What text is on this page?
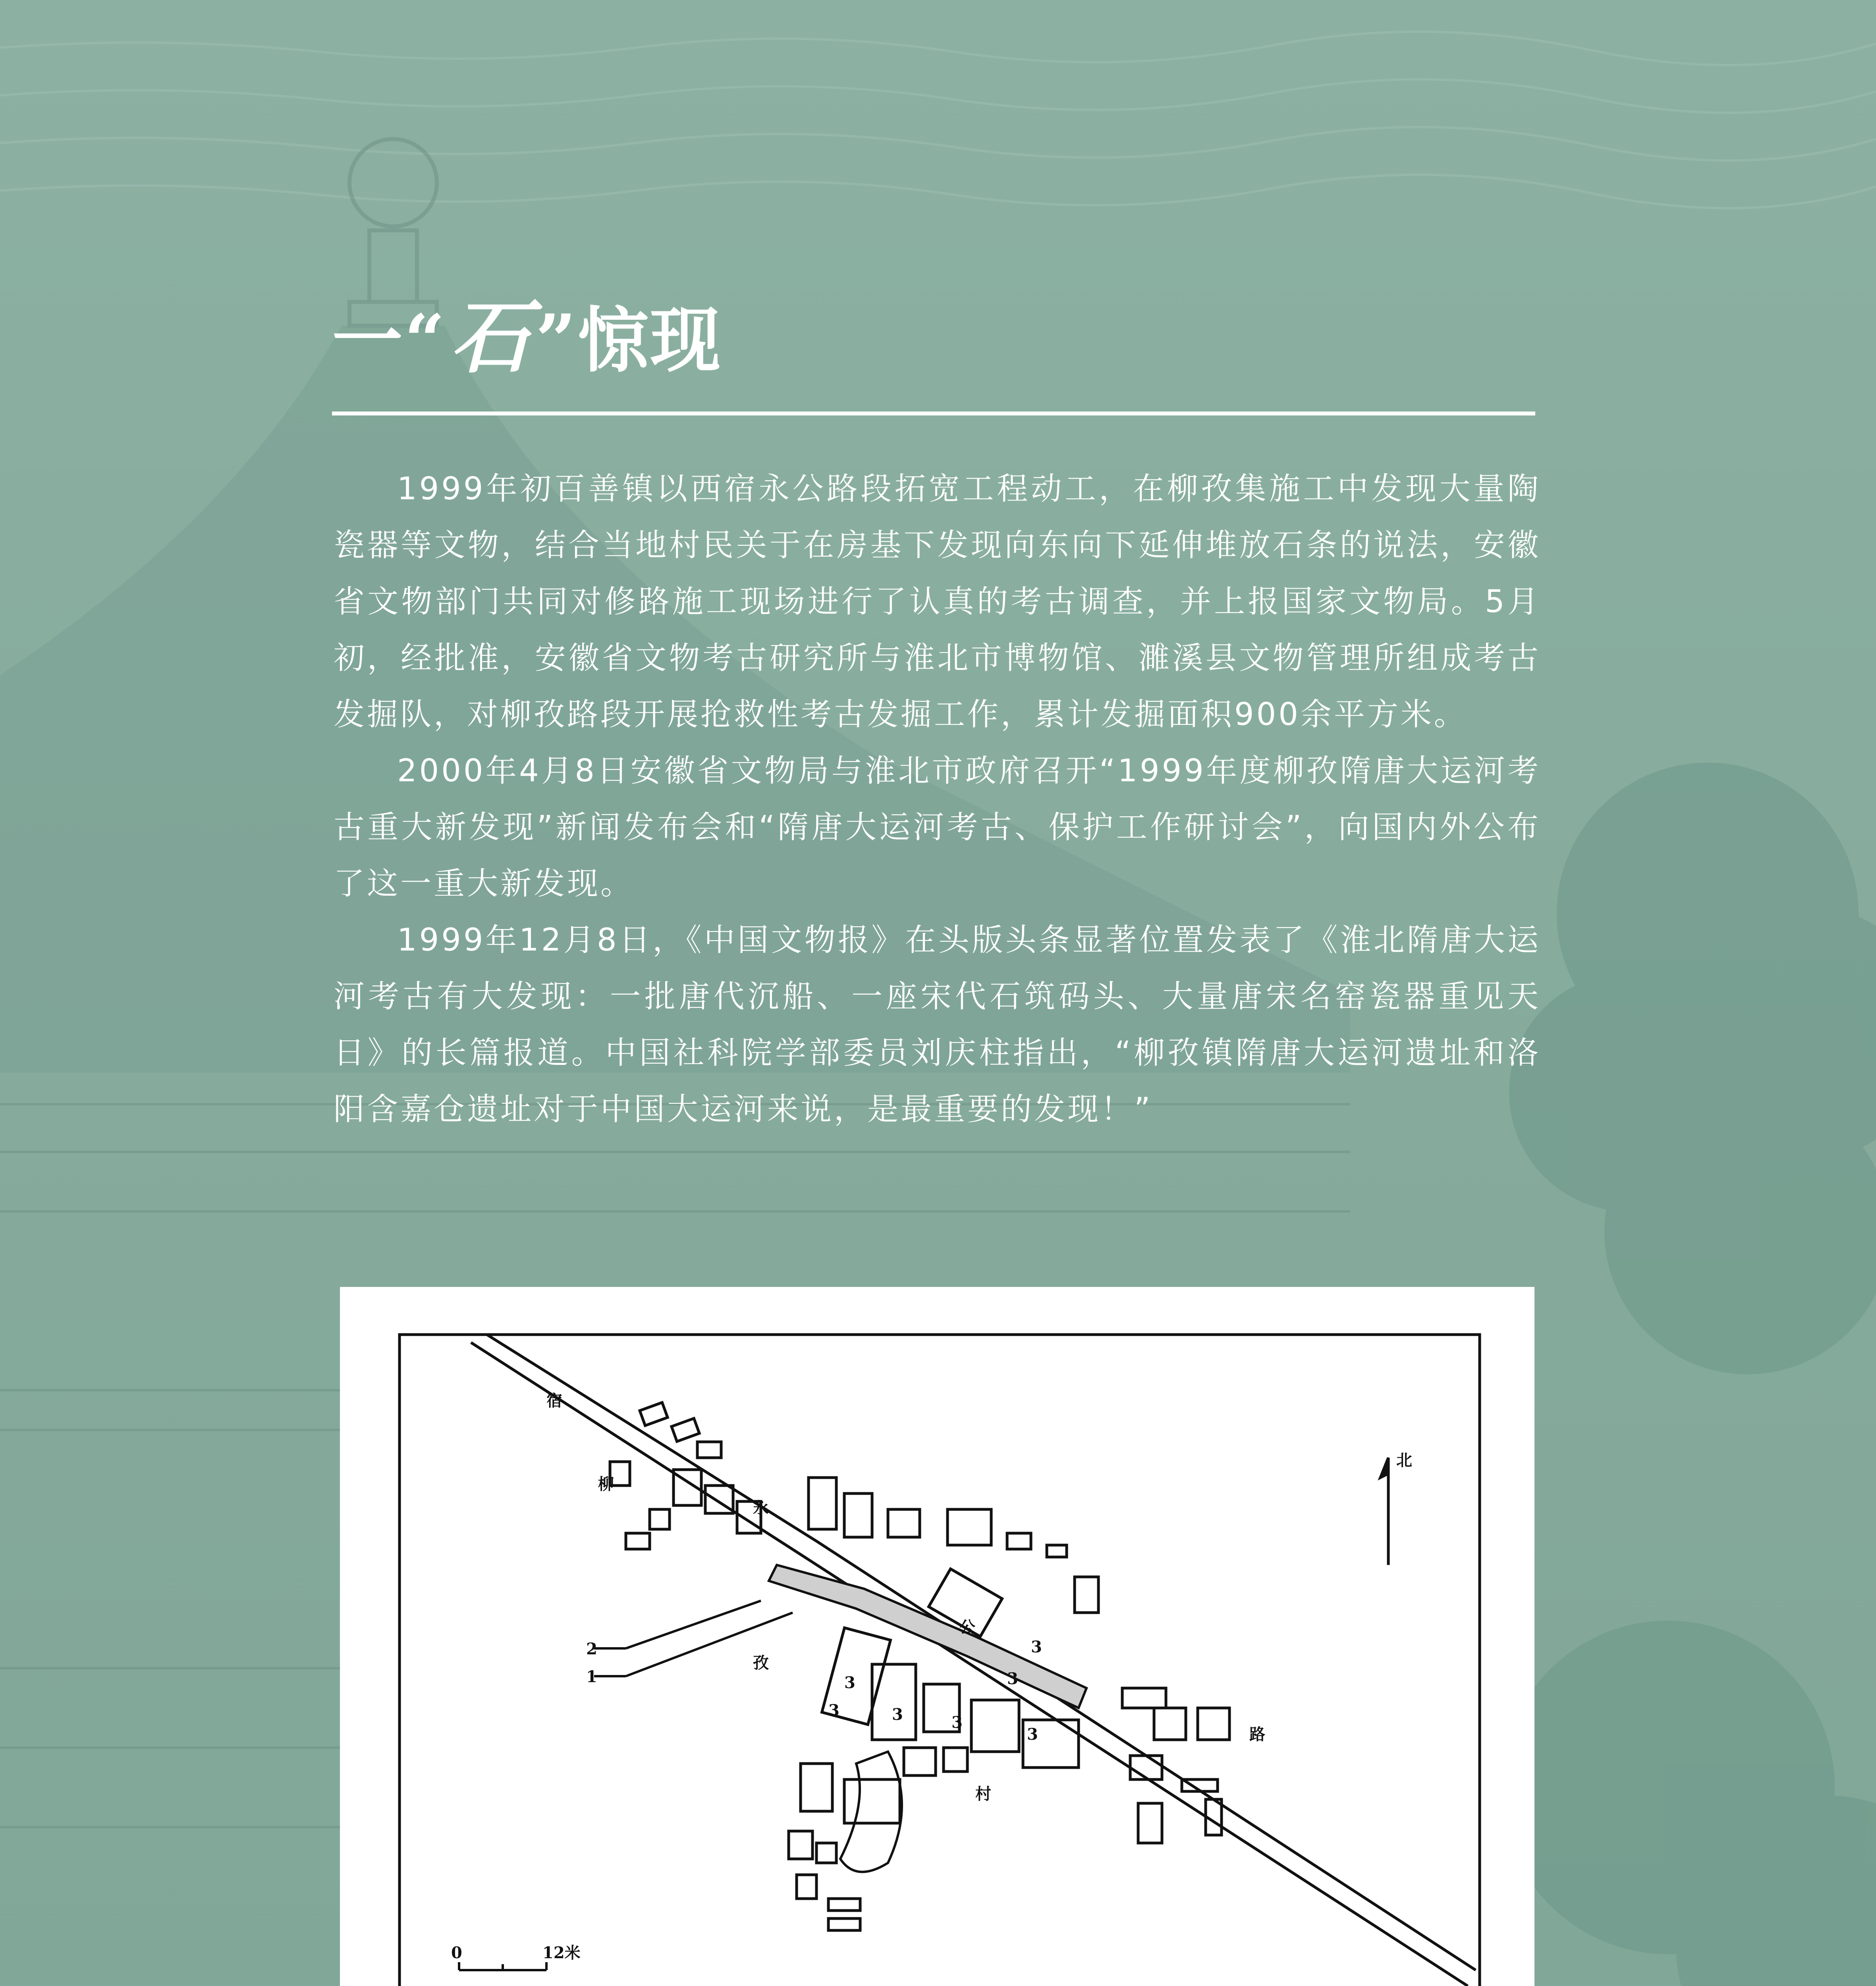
一“石”惊现

1999年初百善镇以西宿永公路段拓宽工程动工，在柳孜集施工中发现大量陶瓷器等文物，结合当地村民关于在房基下发现向东向下延伸堆放石条的说法，安徽省文物部门共同对修路施工现场进行了认真的考古调查，并上报国家文物局。5月初，经批准，安徽省文物考古研究所与淮北市博物馆、濉溪县文物管理所组成考古发掘队，对柳孜路段开展抢救性考古发掘工作，累计发掘面积900余平方米。

2000年4月8日安徽省文物局与淮北市政府召开“1999年度柳孜隋唐大运河考古重大新发现”新闻发布会和“隋唐大运河考古、保护工作研讨会”，向国内外公布了这一重大新发现。

1999年12月8日，《中国文物报》在头版头条显著位置发表了《淮北隋唐大运河考古有大发现：一批唐代沉船、一座宋代石筑码头、大量唐宋名窑瓷器重见天日》的长篇报道。中国社科院学部委员刘庆柱指出，“柳孜镇隋唐大运河遗址和洛阳含嘉仓遗址对于中国大运河来说，是最重要的发现！”

北
0	12米
2
1
宿
永
公
路
柳
孜
村
3
3
3
3	3	3
3
